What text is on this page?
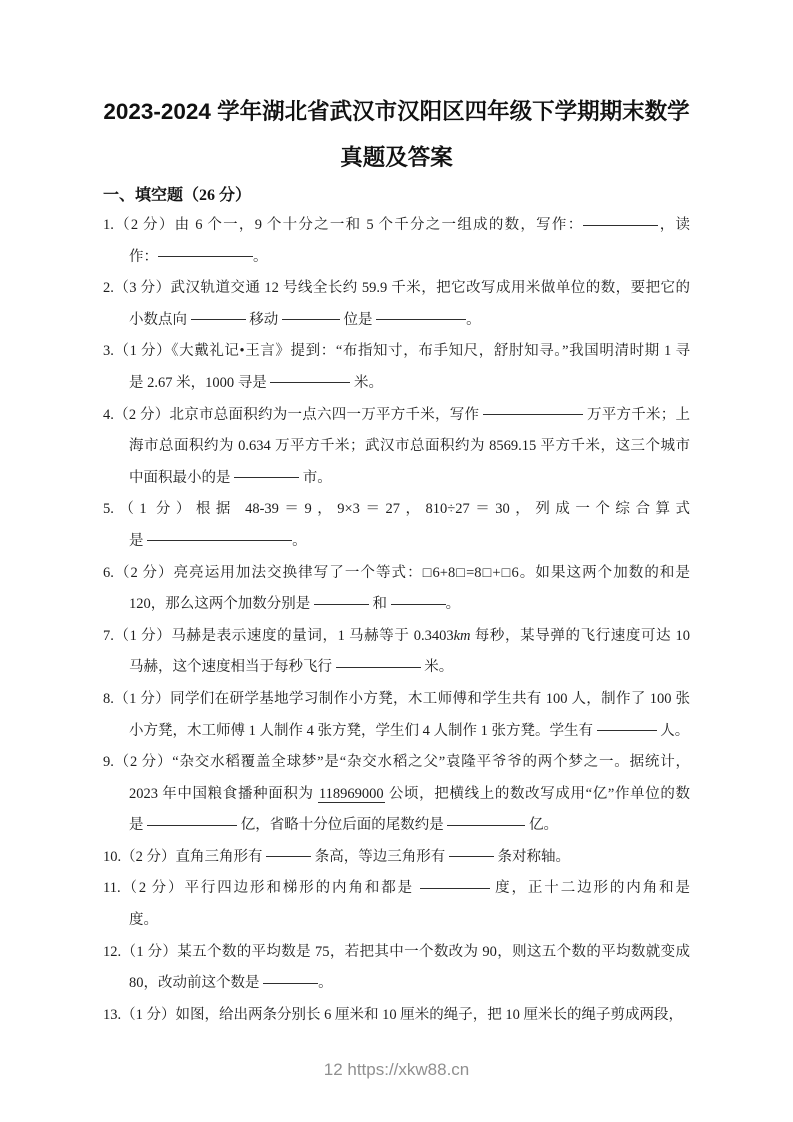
2023-2024 学年湖北省武汉市汉阳区四年级下学期期末数学
真题及答案
一、填空题（26 分）
1.（2 分）由 6 个一，9 个十分之一和 5 个千分之一组成的数，写作：	，读
作：	。
2.（3 分）武汉轨道交通 12 号线全长约 59.9 千米，把它改写成用米做单位的数，要把它的
小数点向	移动	位是	。
3.（1 分）《大戴礼记•王言》提到：“布指知寸，布手知尺，舒肘知寻。”我国明清时期 1 寻
是 2.67 米，1000 寻是	米。
4.（2 分）北京市总面积约为一点六四一万平方千米，写作	万平方千米；上
海市总面积约为 0.634 万平方千米；武汉市总面积约为 8569.15 平方千米，这三个城市
中面积最小的是	市。
5.（1 分）根据 48-39＝9，9×3＝27，810÷27＝30，列成一个综合算式
是	。
6.（2 分）亮亮运用加法交换律写了一个等式：□6+8□=8□+□6。如果这两个加数的和是
120，那么这两个加数分别是	和	。
7.（1 分）马赫是表示速度的量词，1 马赫等于 0.3403km 每秒，某导弹的飞行速度可达 10
马赫，这个速度相当于每秒飞行	米。
8.（1 分）同学们在研学基地学习制作小方凳，木工师傅和学生共有 100 人，制作了 100 张
小方凳，木工师傅 1 人制作 4 张方凳，学生们 4 人制作 1 张方凳。学生有	人。
9.（2 分）“杂交水稻覆盖全球梦”是“杂交水稻之父”袁隆平爷爷的两个梦之一。据统计，
2023 年中国粮食播种面积为 118969000 公顷，把横线上的数改写成用“亿”作单位的数
是	亿，省略十分位后面的尾数约是	亿。
10.（2 分）直角三角形有	条高，等边三角形有	条对称轴。
11.（2 分）平行四边形和梯形的内角和都是	度，正十二边形的内角和是
度。
12.（1 分）某五个数的平均数是 75，若把其中一个数改为 90，则这五个数的平均数就变成
80，改动前这个数是	。
13.（1 分）如图，给出两条分别长 6 厘米和 10 厘米的绳子，把 10 厘米长的绳子剪成两段，
12 https://xkw88.cn
